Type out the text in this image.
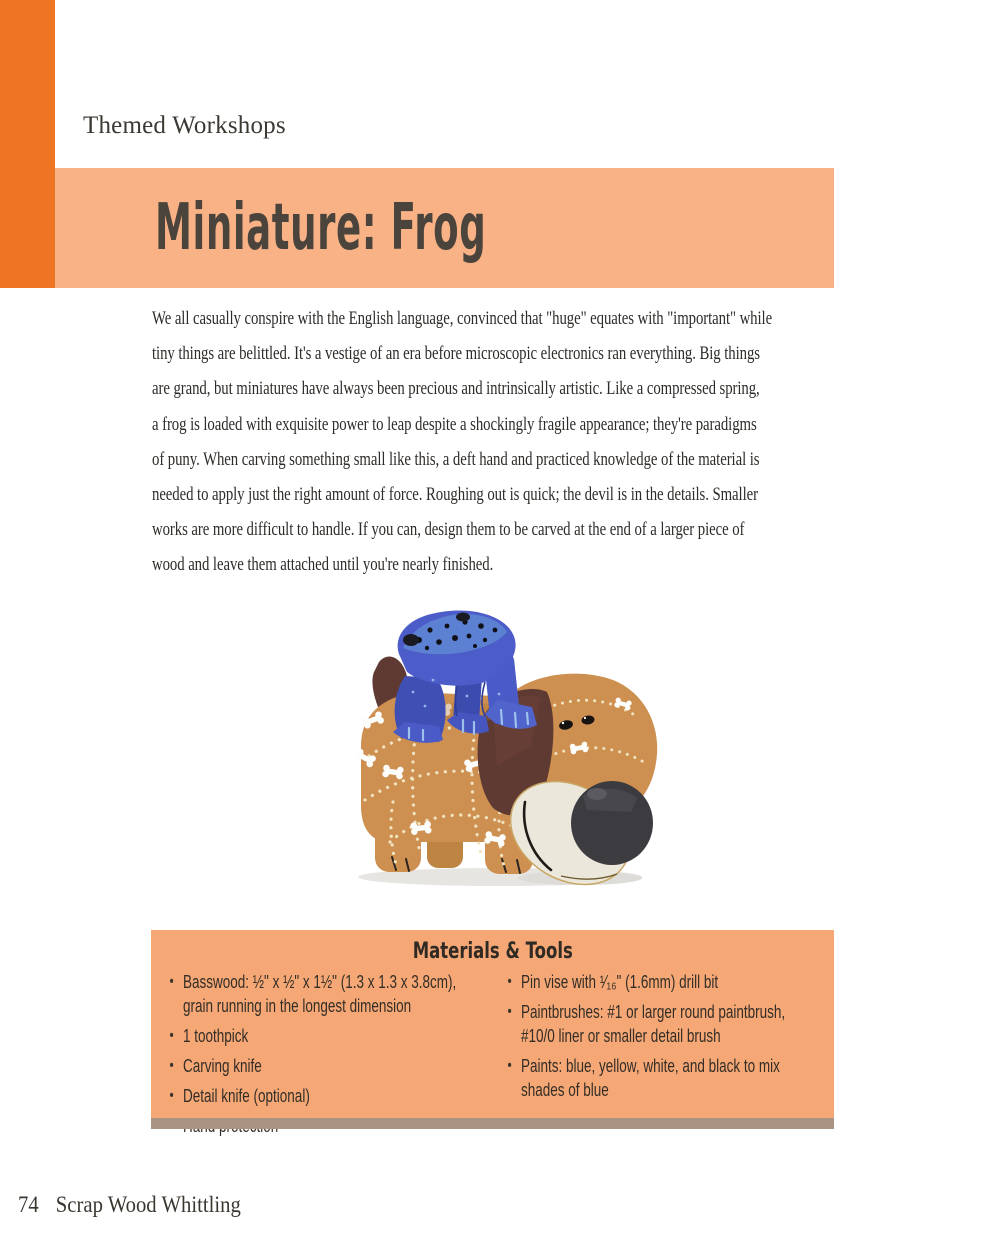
Themed Workshops
Miniature: Frog
We all casually conspire with the English language, convinced that "huge" equates with "important" while
tiny things are belittled. It's a vestige of an era before microscopic electronics ran everything. Big things
are grand, but miniatures have always been precious and intrinsically artistic. Like a compressed spring,
a frog is loaded with exquisite power to leap despite a shockingly fragile appearance; they're paradigms
of puny. When carving something small like this, a deft hand and practiced knowledge of the material is
needed to apply just the right amount of force. Roughing out is quick; the devil is in the details. Smaller
works are more difficult to handle. If you can, design them to be carved at the end of a larger piece of
wood and leave them attached until you're nearly finished.
Materials & Tools
• Basswood: ½" x ½" x 1½" (1.3 x 1.3 x 3.8cm), grain running in the longest dimension
• 1 toothpick
• Carving knife
• Detail knife (optional)
•
• Pin vise with ¹⁄₁₆" (1.6mm) drill bit
• Paintbrushes: #1 or larger round paintbrush, #10/0 liner or smaller detail brush
• Paints: blue, yellow, white, and black to mix shades of blue
74 Scrap Wood Whittling
